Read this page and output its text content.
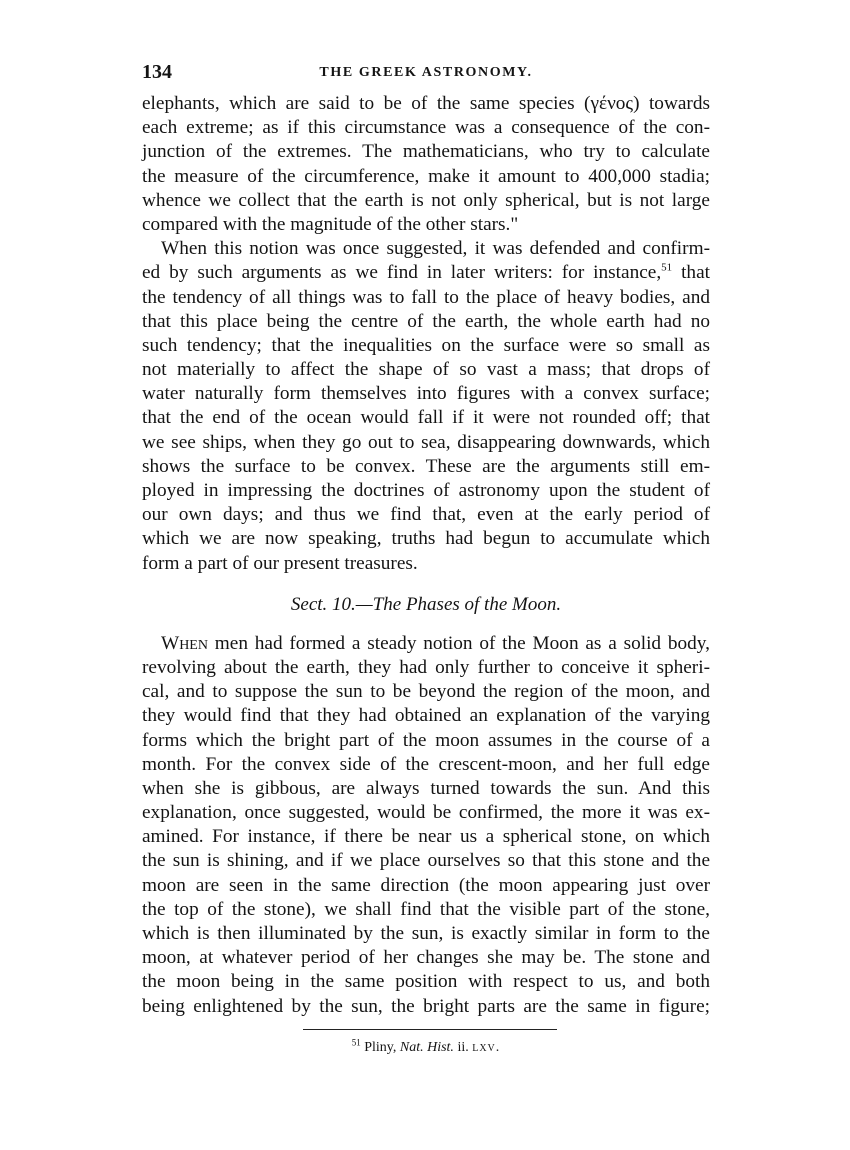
134	THE GREEK ASTRONOMY.
elephants, which are said to be of the same species (γένος) towards
each extreme; as if this circumstance was a consequence of the con-
junction of the extremes. The mathematicians, who try to calculate
the measure of the circumference, make it amount to 400,000 stadia;
whence we collect that the earth is not only spherical, but is not large
compared with the magnitude of the other stars."
When this notion was once suggested, it was defended and confirm-
ed by such arguments as we find in later writers: for instance,$^{51}$ that
the tendency of all things was to fall to the place of heavy bodies, and
that this place being the centre of the earth, the whole earth had no
such tendency; that the inequalities on the surface were so small as
not materially to affect the shape of so vast a mass; that drops of
water naturally form themselves into figures with a convex surface;
that the end of the ocean would fall if it were not rounded off; that
we see ships, when they go out to sea, disappearing downwards, which
shows the surface to be convex. These are the arguments still em-
ployed in impressing the doctrines of astronomy upon the student of
our own days; and thus we find that, even at the early period of
which we are now speaking, truths had begun to accumulate which
form a part of our present treasures.
Sect. 10.—The Phases of the Moon.
When men had formed a steady notion of the Moon as a solid body,
revolving about the earth, they had only further to conceive it spheri-
cal, and to suppose the sun to be beyond the region of the moon, and
they would find that they had obtained an explanation of the varying
forms which the bright part of the moon assumes in the course of a
month. For the convex side of the crescent-moon, and her full edge
when she is gibbous, are always turned towards the sun. And this
explanation, once suggested, would be confirmed, the more it was ex-
amined. For instance, if there be near us a spherical stone, on which
the sun is shining, and if we place ourselves so that this stone and the
moon are seen in the same direction (the moon appearing just over
the top of the stone), we shall find that the visible part of the stone,
which is then illuminated by the sun, is exactly similar in form to the
moon, at whatever period of her changes she may be. The stone and
the moon being in the same position with respect to us, and both
being enlightened by the sun, the bright parts are the same in figure;
$^{51}$ Pliny, Nat. Hist. ii. lxv.
